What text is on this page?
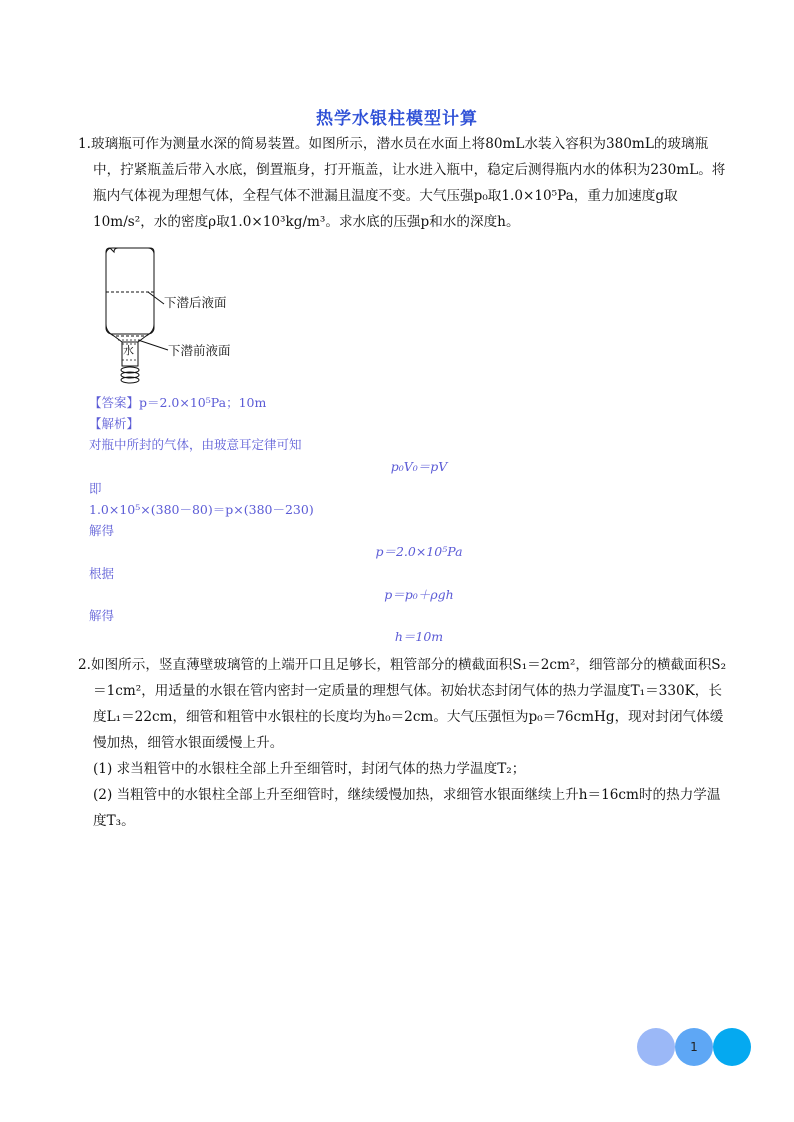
热学水银柱模型计算

1.玻璃瓶可作为测量水深的简易装置。如图所示，潜水员在水面上将80mL水装入容积为380mL的玻璃瓶中，拧紧瓶盖后带入水底，倒置瓶身，打开瓶盖，让水进入瓶中，稳定后测得瓶内水的体积为230mL。将瓶内气体视为理想气体，全程气体不泄漏且温度不变。大气压强p₀取1.0×10⁵Pa，重力加速度g取10m/s²，水的密度ρ取1.0×10³kg/m³。求水底的压强p和水的深度h。

水
下潜后液面
下潜前液面
【答案】p＝2.0×10⁵Pa；10m
【解析】
对瓶中所封的气体，由玻意耳定律可知
p₀V₀＝pV
即
1.0×10⁵×(380－80)＝p×(380－230)
解得
p＝2.0×10⁵Pa
根据
p＝p₀＋ρgh
解得
h＝10m

2.如图所示，竖直薄壁玻璃管的上端开口且足够长，粗管部分的横截面积S₁＝2cm²，细管部分的横截面积S₂＝1cm²，用适量的水银在管内密封一定质量的理想气体。初始状态封闭气体的热力学温度T₁＝330K，长度L₁＝22cm，细管和粗管中水银柱的长度均为h₀＝2cm。大气压强恒为p₀＝76cmHg，现对封闭气体缓慢加热，细管水银面缓慢上升。

(1) 求当粗管中的水银柱全部上升至细管时，封闭气体的热力学温度T₂；

(2) 当粗管中的水银柱全部上升至细管时，继续缓慢加热，求细管水银面继续上升h＝16cm时的热力学温度T₃。

1
